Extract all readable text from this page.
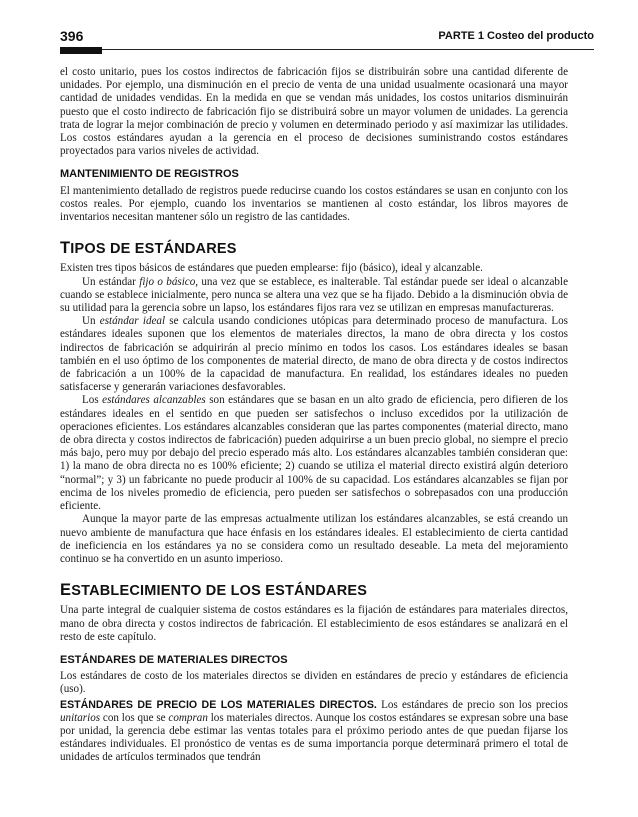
396	PARTE 1 Costeo del producto

el costo unitario, pues los costos indirectos de fabricación fijos se distribuirán sobre una cantidad diferente de unidades. Por ejemplo, una disminución en el precio de venta de una unidad usualmente ocasionará una mayor cantidad de unidades vendidas. En la medida en que se vendan más unidades, los costos unitarios disminuirán puesto que el costo indirecto de fabricación fijo se distribuirá sobre un mayor volumen de unidades. La gerencia trata de lograr la mejor combinación de precio y volumen en determinado periodo y así maximizar las utilidades. Los costos estándares ayudan a la gerencia en el proceso de decisiones suministrando costos estándares proyectados para varios niveles de actividad.

MANTENIMIENTO DE REGISTROS

El mantenimiento detallado de registros puede reducirse cuando los costos estándares se usan en conjunto con los costos reales. Por ejemplo, cuando los inventarios se mantienen al costo estándar, los libros mayores de inventarios necesitan mantener sólo un registro de las cantidades.

TIPOS DE ESTÁNDARES

Existen tres tipos básicos de estándares que pueden emplearse: fijo (básico), ideal y alcanzable.

Un estándar fijo o básico, una vez que se establece, es inalterable. Tal estándar puede ser ideal o alcanzable cuando se establece inicialmente, pero nunca se altera una vez que se ha fijado. Debido a la disminución obvia de su utilidad para la gerencia sobre un lapso, los estándares fijos rara vez se utilizan en empresas manufactureras.

Un estándar ideal se calcula usando condiciones utópicas para determinado proceso de manufactura. Los estándares ideales suponen que los elementos de materiales directos, la mano de obra directa y los costos indirectos de fabricación se adquirirán al precio mínimo en todos los casos. Los estándares ideales se basan también en el uso óptimo de los componentes de material directo, de mano de obra directa y de costos indirectos de fabricación a un 100% de la capacidad de manufactura. En realidad, los estándares ideales no pueden satisfacerse y generarán variaciones desfavorables.

Los estándares alcanzables son estándares que se basan en un alto grado de eficiencia, pero difieren de los estándares ideales en el sentido en que pueden ser satisfechos o incluso excedidos por la utilización de operaciones eficientes. Los estándares alcanzables consideran que las partes componentes (material directo, mano de obra directa y costos indirectos de fabricación) pueden adquirirse a un buen precio global, no siempre el precio más bajo, pero muy por debajo del precio esperado más alto. Los estándares alcanzables también consideran que: 1) la mano de obra directa no es 100% eficiente; 2) cuando se utiliza el material directo existirá algún deterioro “normal”; y 3) un fabricante no puede producir al 100% de su capacidad. Los estándares alcanzables se fijan por encima de los niveles promedio de eficiencia, pero pueden ser satisfechos o sobrepasados con una producción eficiente.

Aunque la mayor parte de las empresas actualmente utilizan los estándares alcanzables, se está creando un nuevo ambiente de manufactura que hace énfasis en los estándares ideales. El establecimiento de cierta cantidad de ineficiencia en los estándares ya no se considera como un resultado deseable. La meta del mejoramiento continuo se ha convertido en un asunto imperioso.

ESTABLECIMIENTO DE LOS ESTÁNDARES

Una parte integral de cualquier sistema de costos estándares es la fijación de estándares para materiales directos, mano de obra directa y costos indirectos de fabricación. El establecimiento de esos estándares se analizará en el resto de este capítulo.

ESTÁNDARES DE MATERIALES DIRECTOS

Los estándares de costo de los materiales directos se dividen en estándares de precio y estándares de eficiencia (uso).

ESTÁNDARES DE PRECIO DE LOS MATERIALES DIRECTOS. Los estándares de precio son los precios unitarios con los que se compran los materiales directos. Aunque los costos estándares se expresan sobre una base por unidad, la gerencia debe estimar las ventas totales para el próximo periodo antes de que puedan fijarse los estándares individuales. El pronóstico de ventas es de suma importancia porque determinará primero el total de unidades de artículos terminados que tendrán
